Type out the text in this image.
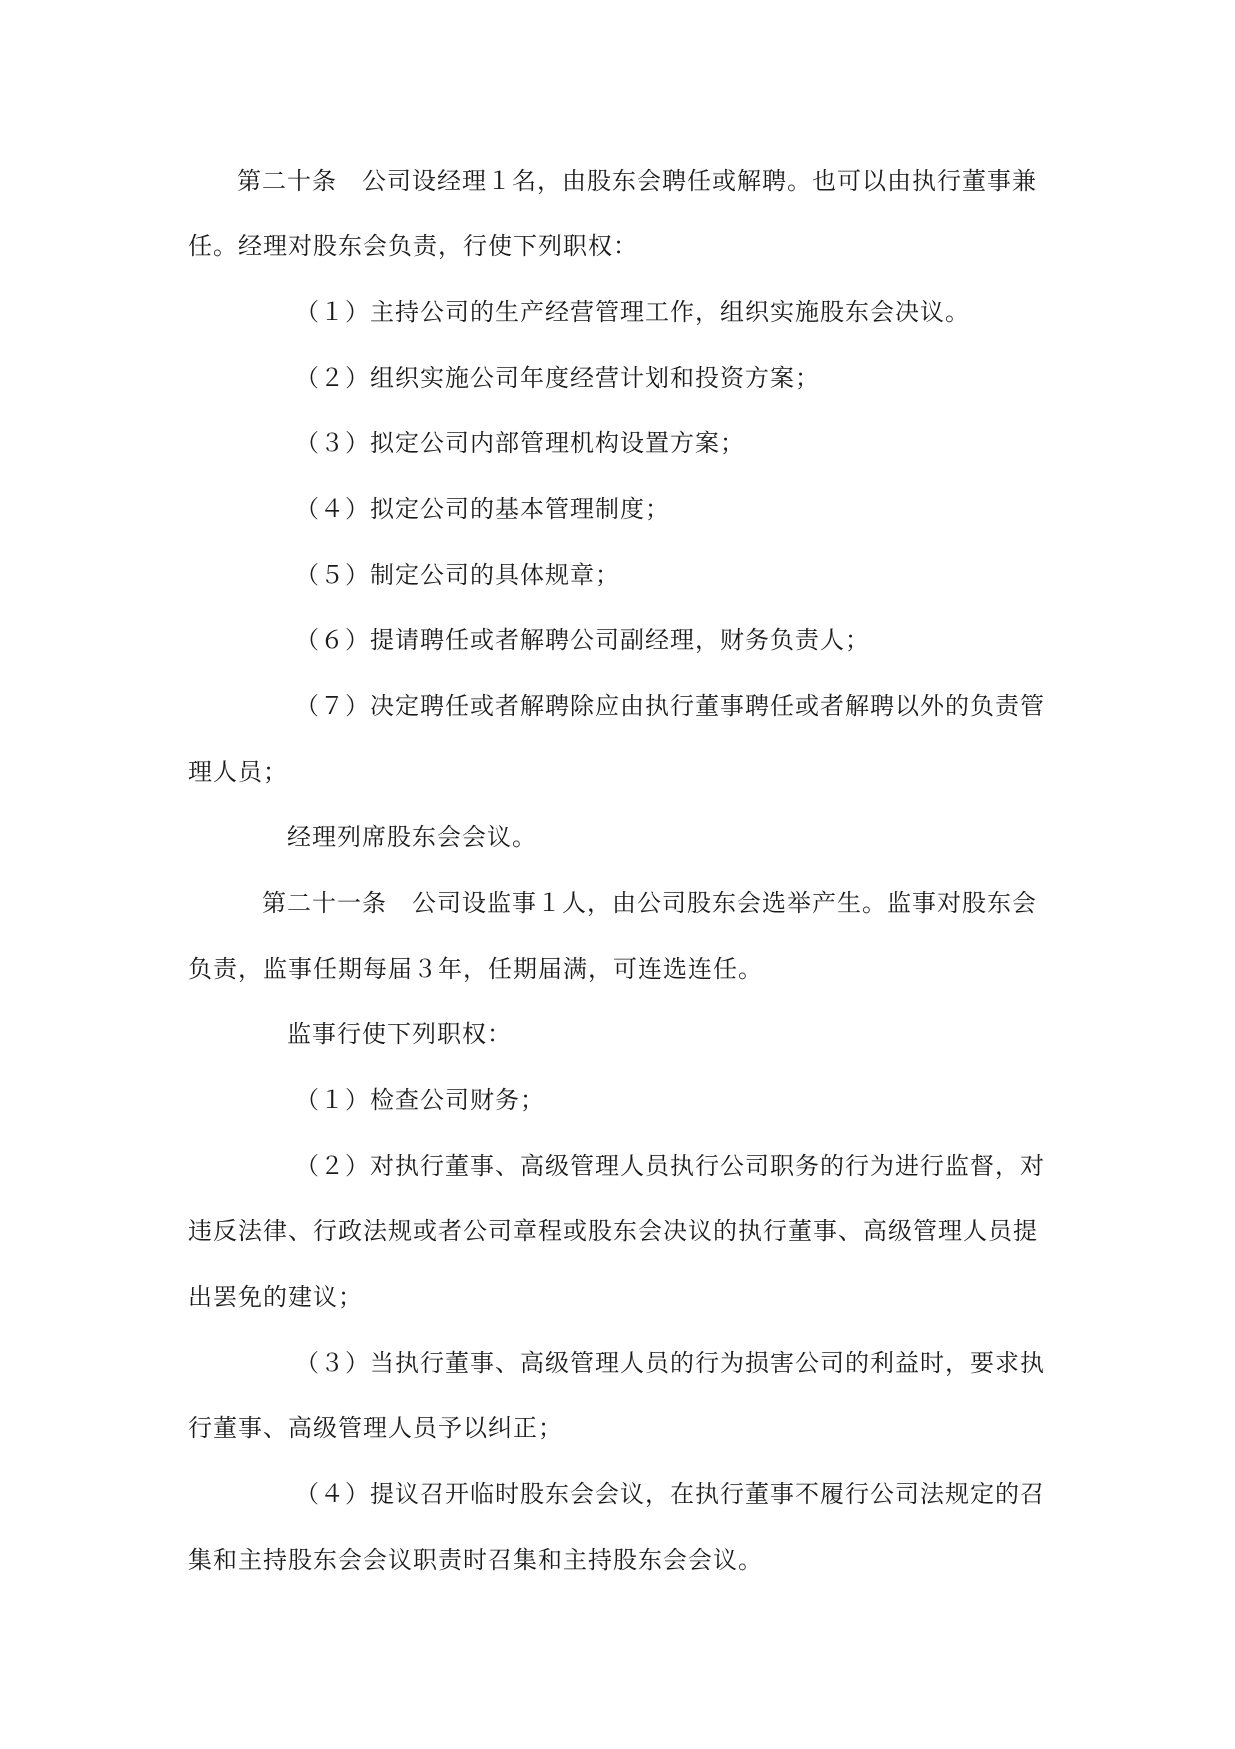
第 二 十 条
　 公 司 设 经 理 １ 名 ， 由 股 东 会 聘 任 或 解 聘 。 也 可 以 由 执 行 董 事 兼
任。经理对股东会负责，行使下列职权：
（１）主持公司的生产经营管理工作，组织实施股东会决议。
（２）组织实施公司年度经营计划和投资方案；
（３）拟定公司内部管理机构设置方案；
（４）拟定公司的基本管理制度；
（５）制定公司的具体规章；
（６）提请聘任或者解聘公司副经理，财务负责人；
（ ７ ） 决 定 聘 任 或 者 解 聘 除 应 由 执 行 董 事 聘 任 或 者 解 聘 以 外 的 负 责 管
理人员；
经理列席股东会会议。
第 二 十 一 条
　 公 司 设 监 事 １ 人 ， 由 公 司 股 东 会 选 举 产 生 。 监 事 对 股 东 会
负责，监事任期每届３年，任期届满，可连选连任。
监事行使下列职权：
（１）检查公司财务；
（ ２ ） 对 执 行 董 事 、 高 级 管 理 人 员 执 行 公 司 职 务 的 行 为 进 行 监 督 ， 对
违 反 法 律 、 行 政 法 规 或 者 公 司 章 程 或 股 东 会 决 议 的 执 行 董 事 、 高 级 管 理 人 员 提
出罢免的建议；
（ ３ ） 当 执 行 董 事 、 高 级 管 理 人 员 的 行 为 损 害 公 司 的 利 益 时 ， 要 求 执
行董事、高级管理人员予以纠正；
（ ４ ） 提 议 召 开 临 时 股 东 会 会 议 ， 在 执 行 董 事 不 履 行 公 司 法 规 定 的 召
集和主持股东会会议职责时召集和主持股东会会议。
